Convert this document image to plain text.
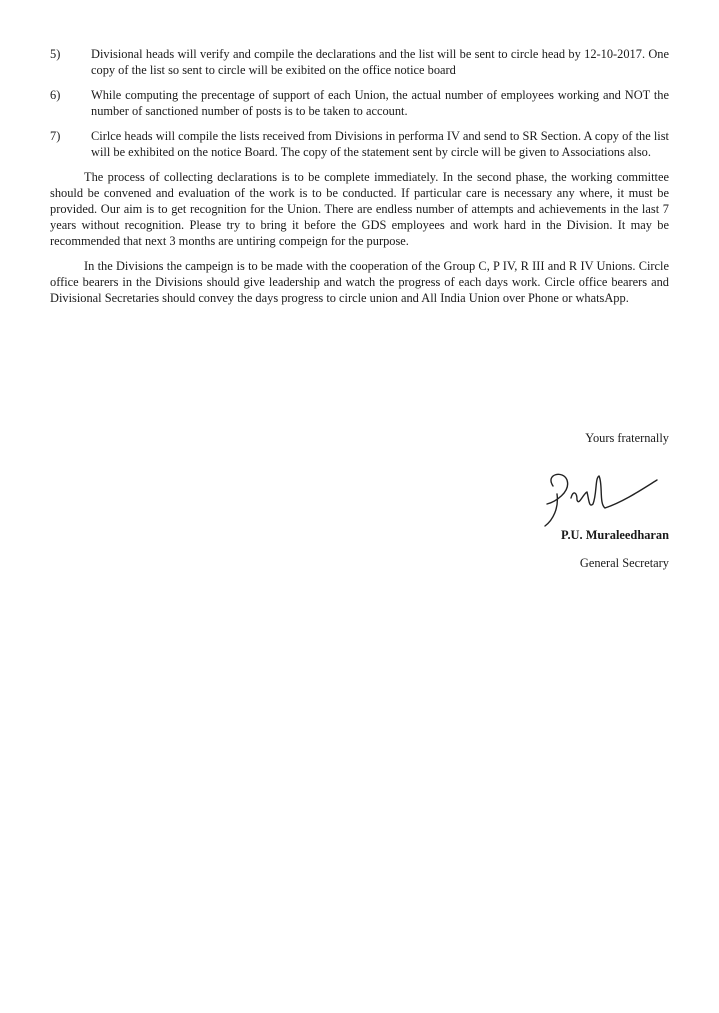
5)	Divisional heads will verify and compile the declarations and the list will be sent to circle head by 12-10-2017. One copy of the list so sent to circle will be exibited on the office notice board
6)	While computing the precentage of support of each Union, the actual number of employees working and NOT the number of sanctioned number of posts is to be taken to account.
7)	Cirlce heads will compile the lists received from Divisions in performa IV and send to SR Section. A copy of the list will be exhibited on the notice Board. The copy of the statement sent by circle will be given to Associations also.

The process of collecting declarations is to be complete immediately. In the second phase, the working committee should be convened and evaluation of the work is to be conducted. If particular care is necessary any where, it must be provided. Our aim is to get recognition for the Union. There are endless number of attempts and achievements in the last 7 years without recognition. Please try to bring it before the GDS employees and work hard in the Division. It may be recommended that next 3 months are untiring compeign for the purpose.

In the Divisions the campeign is to be made with the cooperation of the Group C, P IV, R III and R IV Unions. Circle office bearers in the Divisions should give leadership and watch the progress of each days work. Circle office bearers and Divisional Secretaries should convey the days progress to circle union and All India Union over Phone or whatsApp.

Yours fraternally
P.U. Muraleedharan
General Secretary
